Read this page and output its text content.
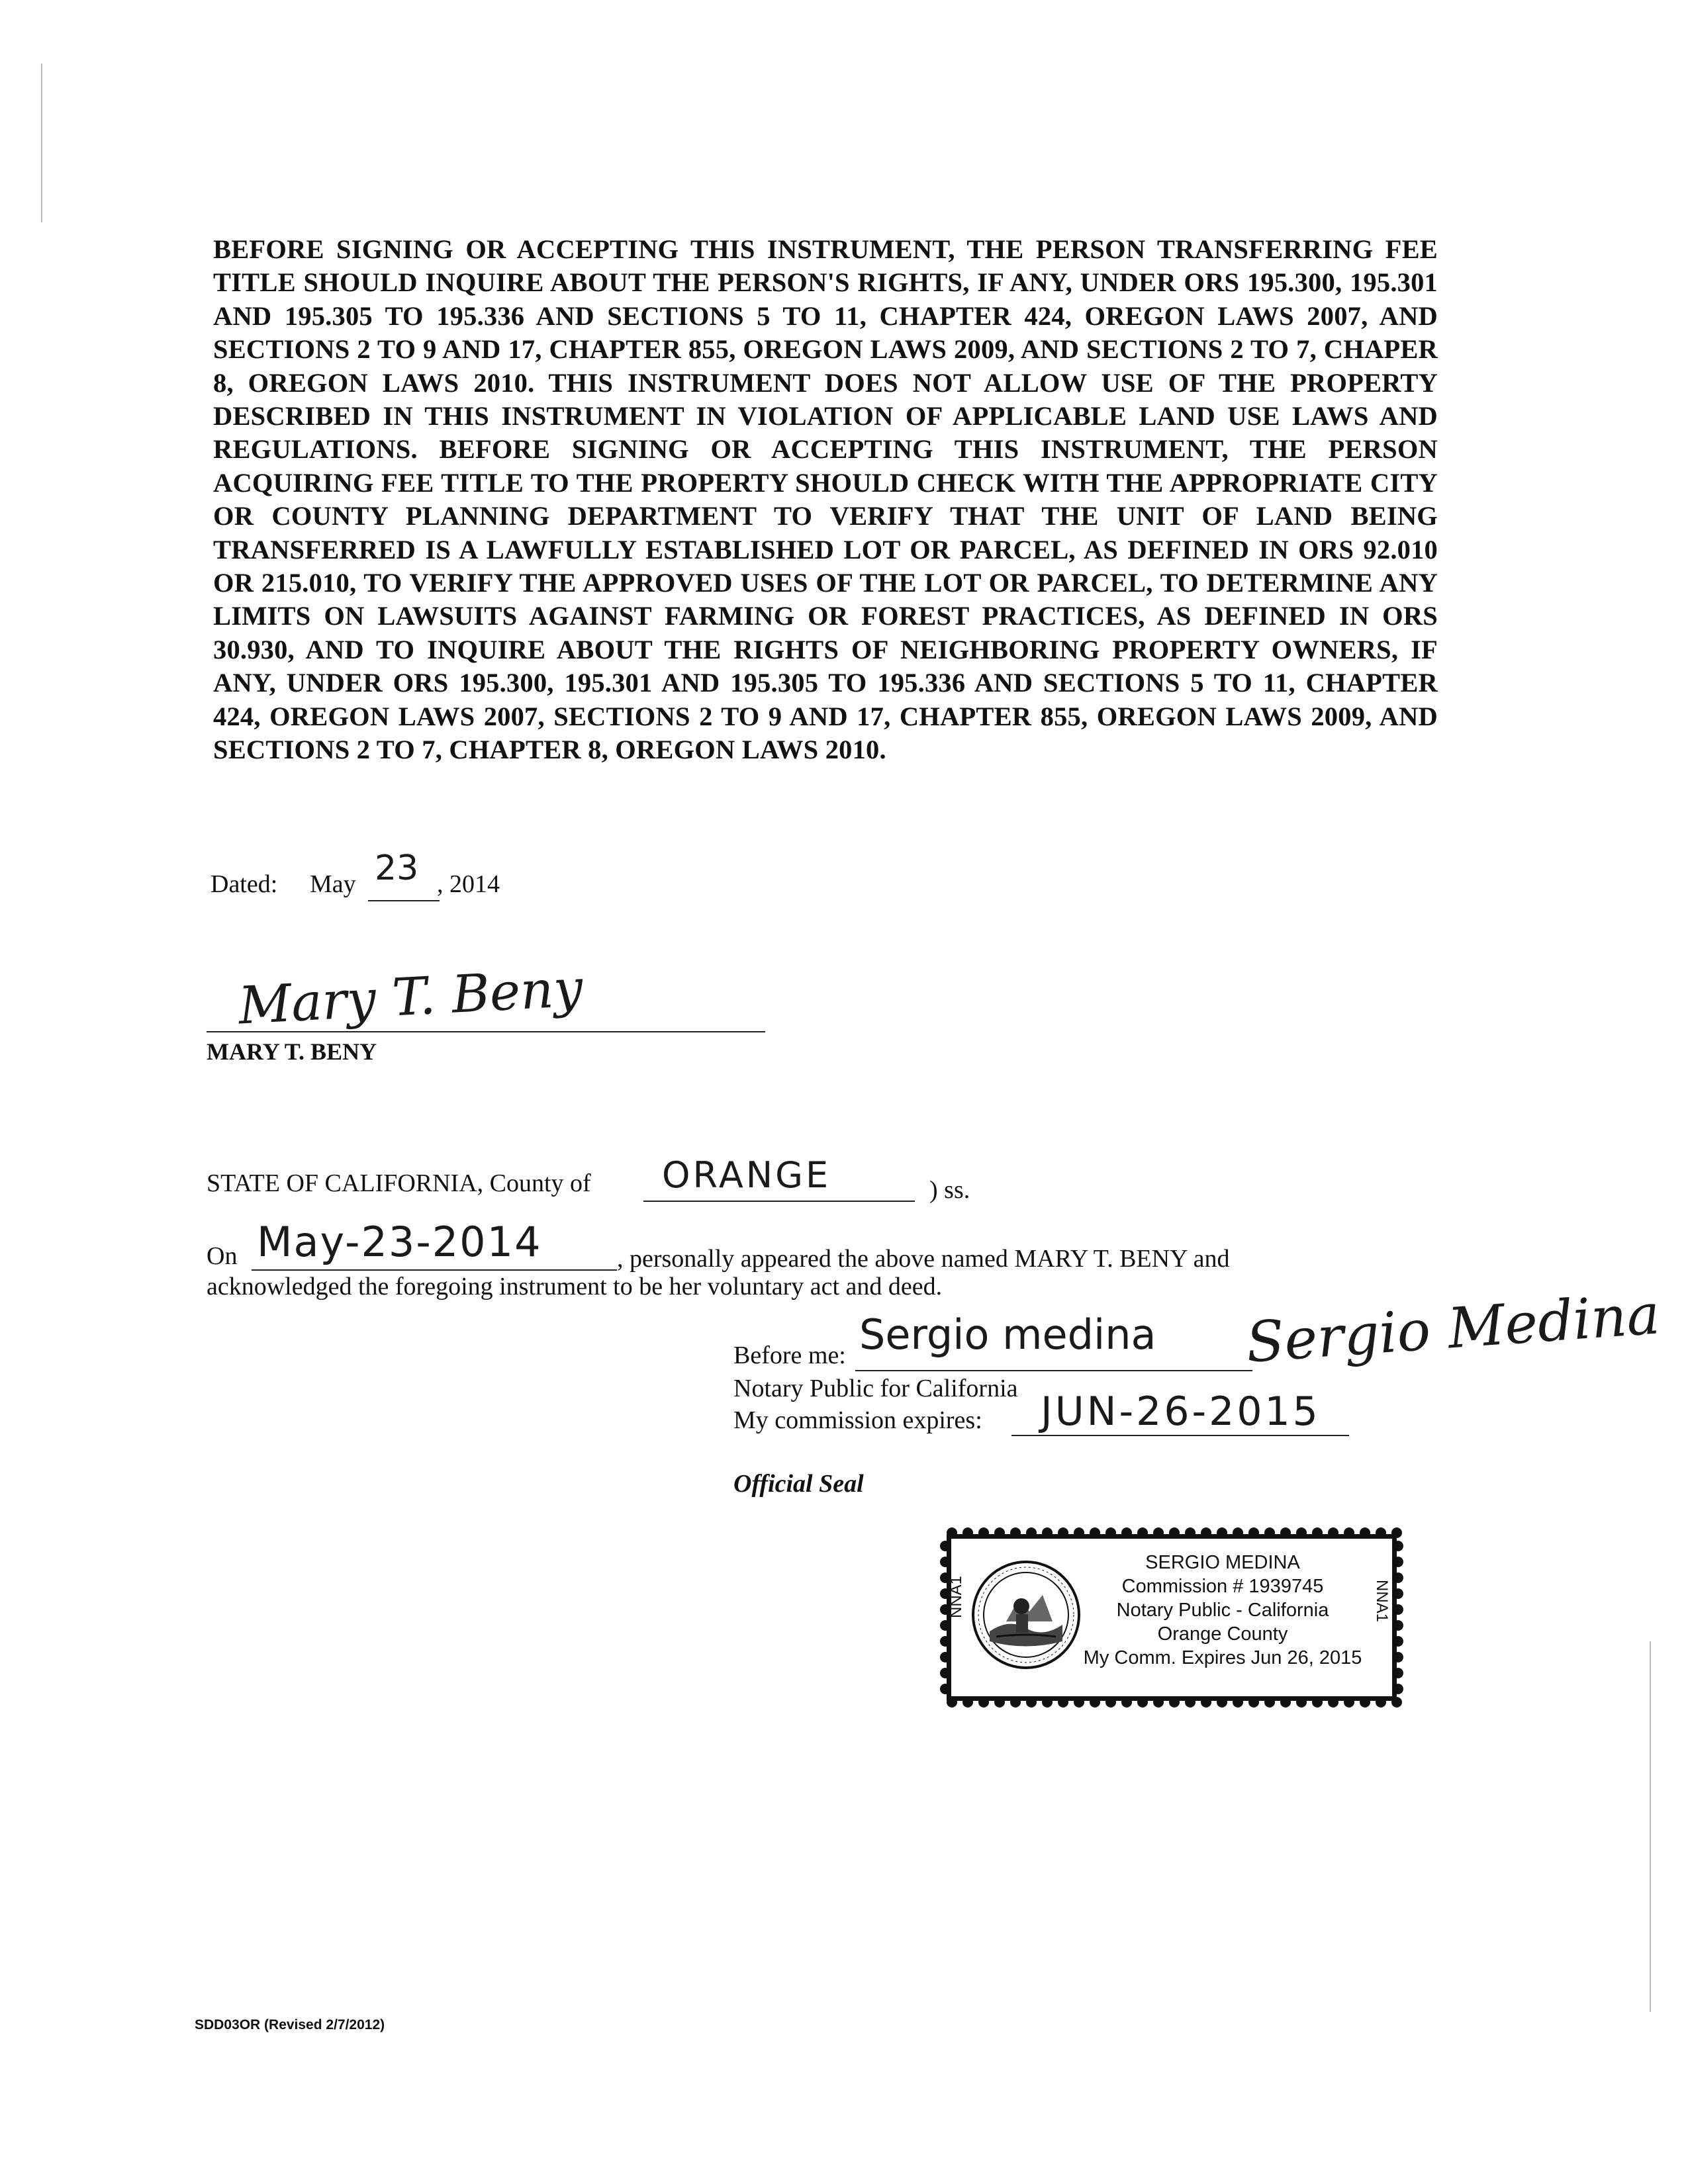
BEFORE SIGNING OR ACCEPTING THIS INSTRUMENT, THE PERSON TRANSFERRING FEE TITLE SHOULD INQUIRE ABOUT THE PERSON'S RIGHTS, IF ANY, UNDER ORS 195.300, 195.301 AND 195.305 TO 195.336 AND SECTIONS 5 TO 11, CHAPTER 424, OREGON LAWS 2007, AND SECTIONS 2 TO 9 AND 17, CHAPTER 855, OREGON LAWS 2009, AND SECTIONS 2 TO 7, CHAPER 8, OREGON LAWS 2010. THIS INSTRUMENT DOES NOT ALLOW USE OF THE PROPERTY DESCRIBED IN THIS INSTRUMENT IN VIOLATION OF APPLICABLE LAND USE LAWS AND REGULATIONS. BEFORE SIGNING OR ACCEPTING THIS INSTRUMENT, THE PERSON ACQUIRING FEE TITLE TO THE PROPERTY SHOULD CHECK WITH THE APPROPRIATE CITY OR COUNTY PLANNING DEPARTMENT TO VERIFY THAT THE UNIT OF LAND BEING TRANSFERRED IS A LAWFULLY ESTABLISHED LOT OR PARCEL, AS DEFINED IN ORS 92.010 OR 215.010, TO VERIFY THE APPROVED USES OF THE LOT OR PARCEL, TO DETERMINE ANY LIMITS ON LAWSUITS AGAINST FARMING OR FOREST PRACTICES, AS DEFINED IN ORS 30.930, AND TO INQUIRE ABOUT THE RIGHTS OF NEIGHBORING PROPERTY OWNERS, IF ANY, UNDER ORS 195.300, 195.301 AND 195.305 TO 195.336 AND SECTIONS 5 TO 11, CHAPTER 424, OREGON LAWS 2007, SECTIONS 2 TO 9 AND 17, CHAPTER 855, OREGON LAWS 2009, AND SECTIONS 2 TO 7, CHAPTER 8, OREGON LAWS 2010.
Dated: May 23 , 2014
Mary T. Beny
MARY T. BENY
STATE OF CALIFORNIA, County of ORANGE	) ss.
On May-23-2014	, personally appeared the above named MARY T. BENY and
acknowledged the foregoing instrument to be her voluntary act and deed.
Before me: Sergio medina Sergio Medina
Notary Public for California
My commission expires: JUN-26-2015
Official Seal
NNA1	NNA1
SERGIO MEDINA
Commission # 1939745
Notary Public - California
Orange County
My Comm. Expires Jun 26, 2015
SDD03OR (Revised 2/7/2012)
